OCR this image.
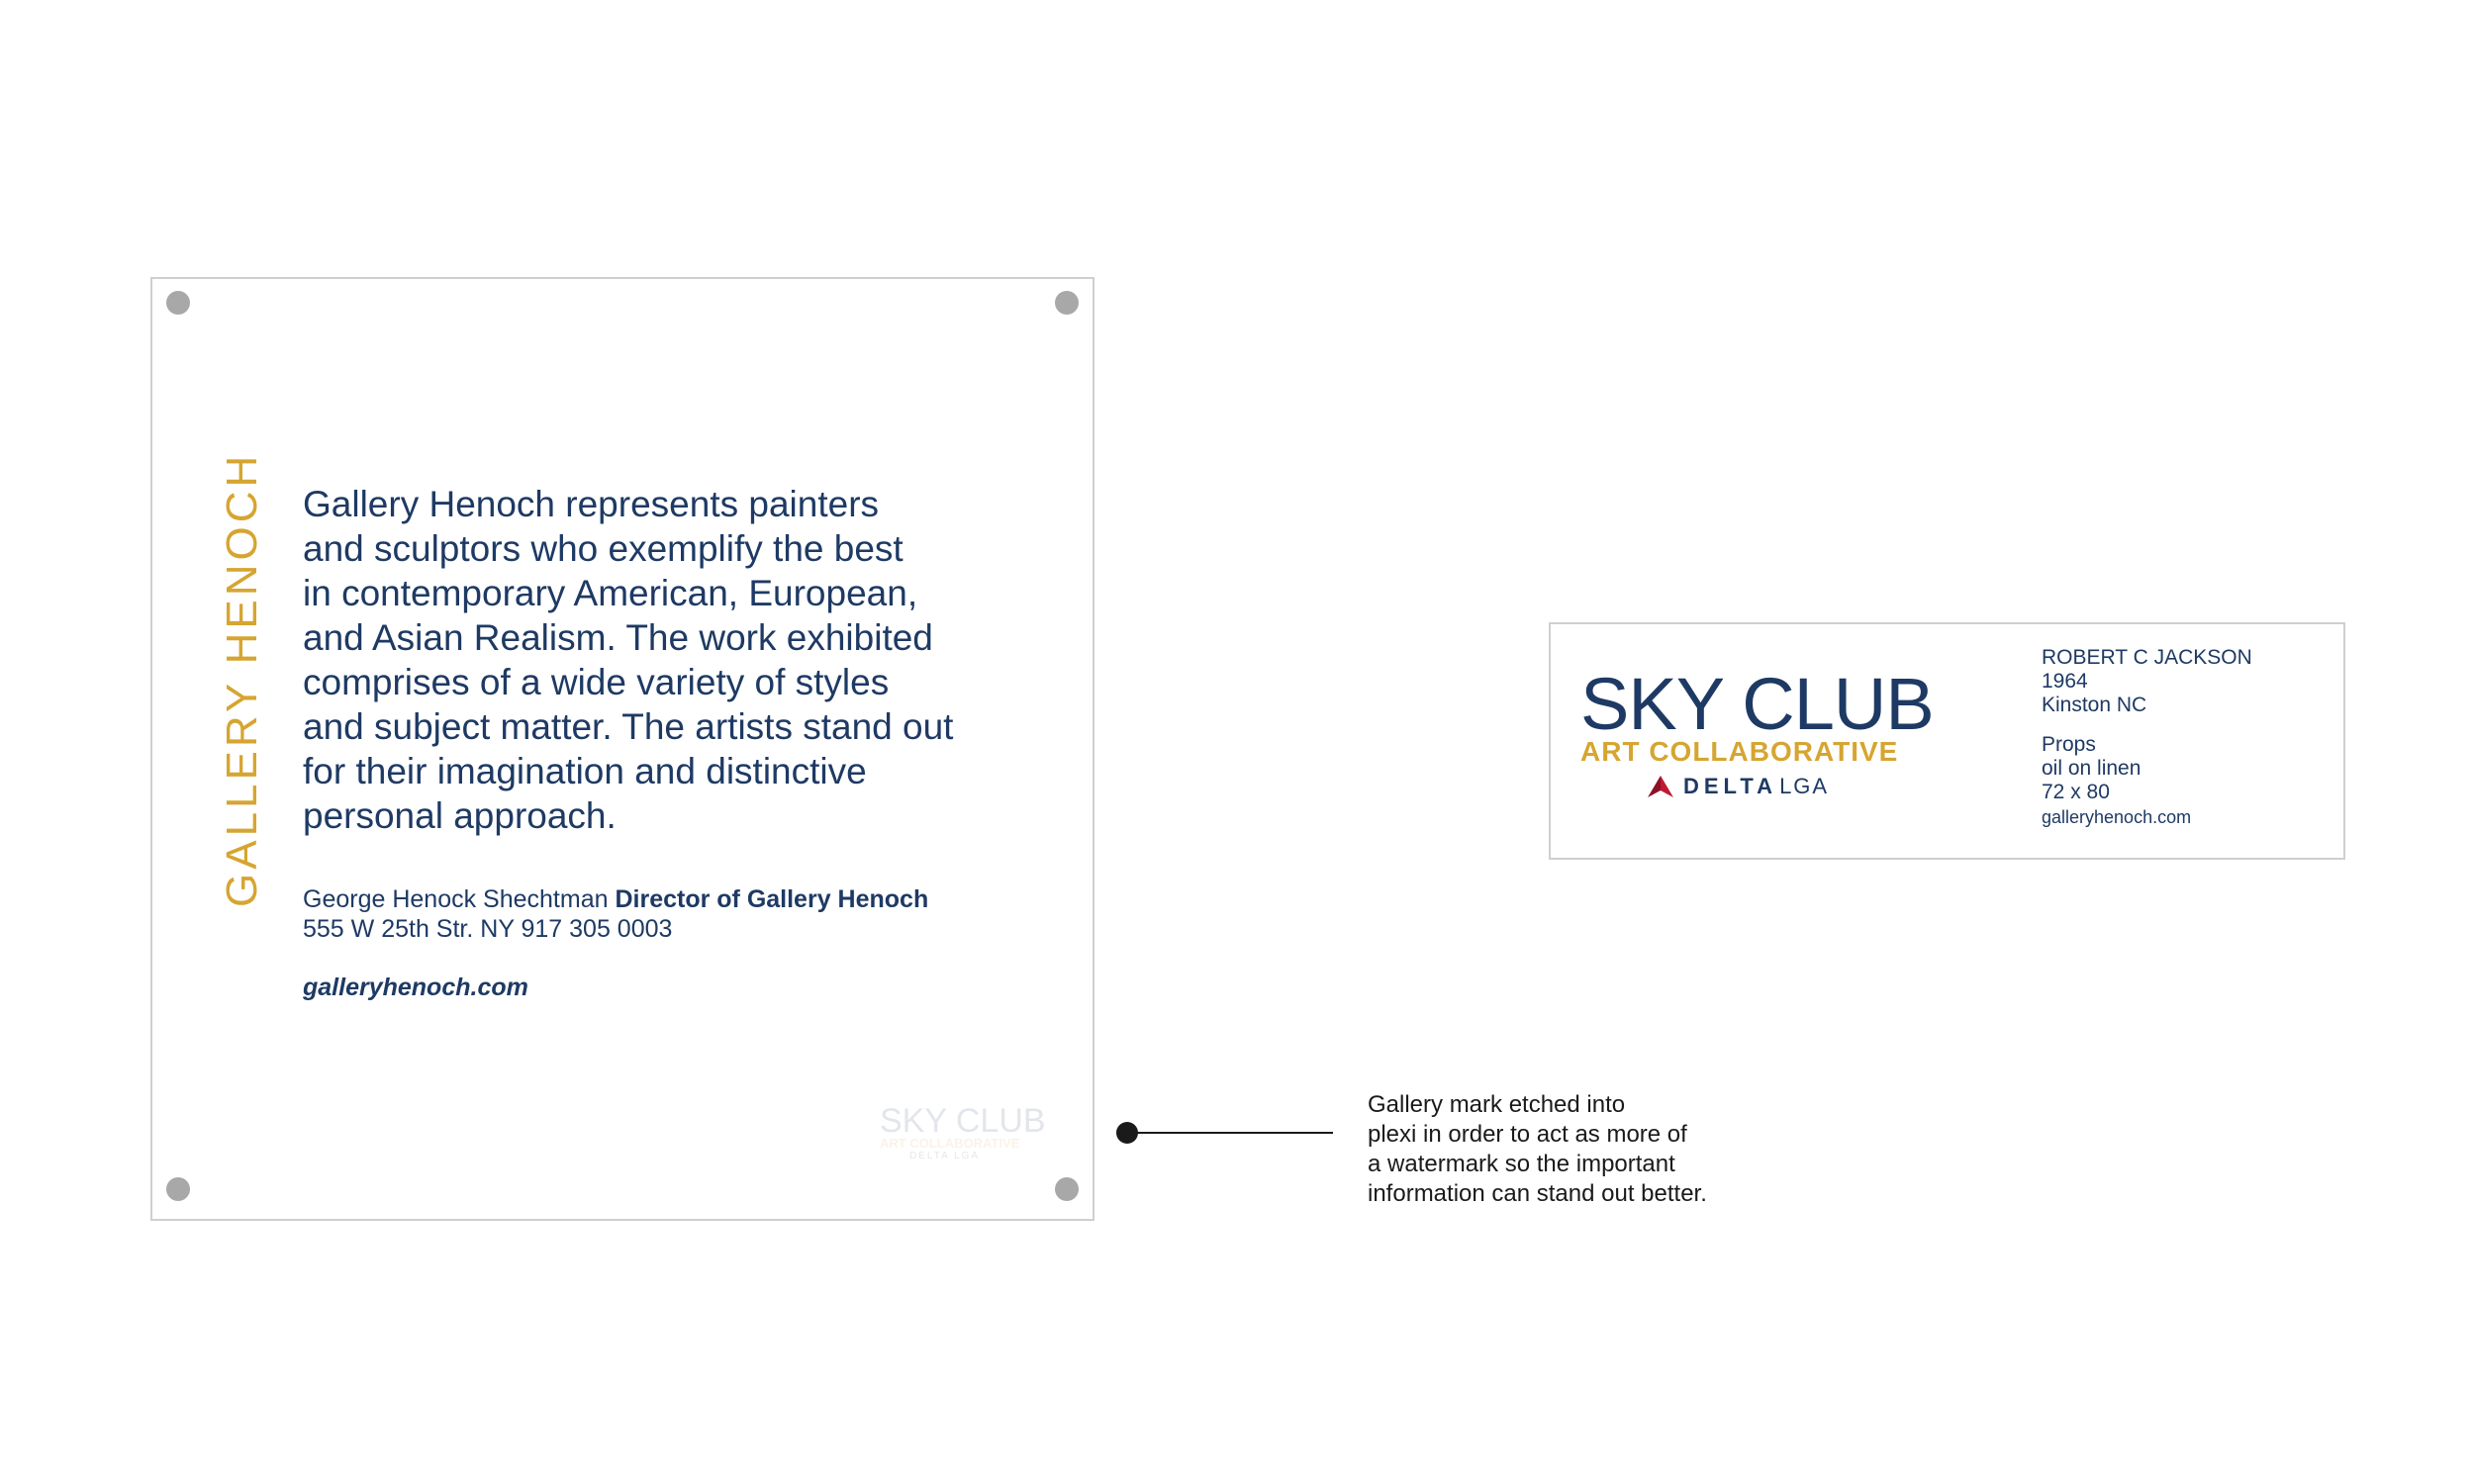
GALLERY HENOCH Gallery Henoch represents painters
and sculptors who exemplify the best
in contemporary American, European,
and Asian Realism. The work exhibited
comprises of a wide variety of styles
and subject matter. The artists stand out
for their imagination and distinctive
personal approach.
George Henock Shechtman Director of Gallery Henoch
555 W 25th Str. NY 917 305 0003
galleryhenoch.com
SKY CLUB
ART COLLABORATIVE
DELTA LGA
Gallery mark etched into
plexi in order to act as more of
a watermark so the important
information can stand out better.
SKY CLUB
ART COLLABORATIVE
DELTA LGA
ROBERT C JACKSON
1964
Kinston NC
Props
oil on linen
72 x 80
galleryhenoch.com
